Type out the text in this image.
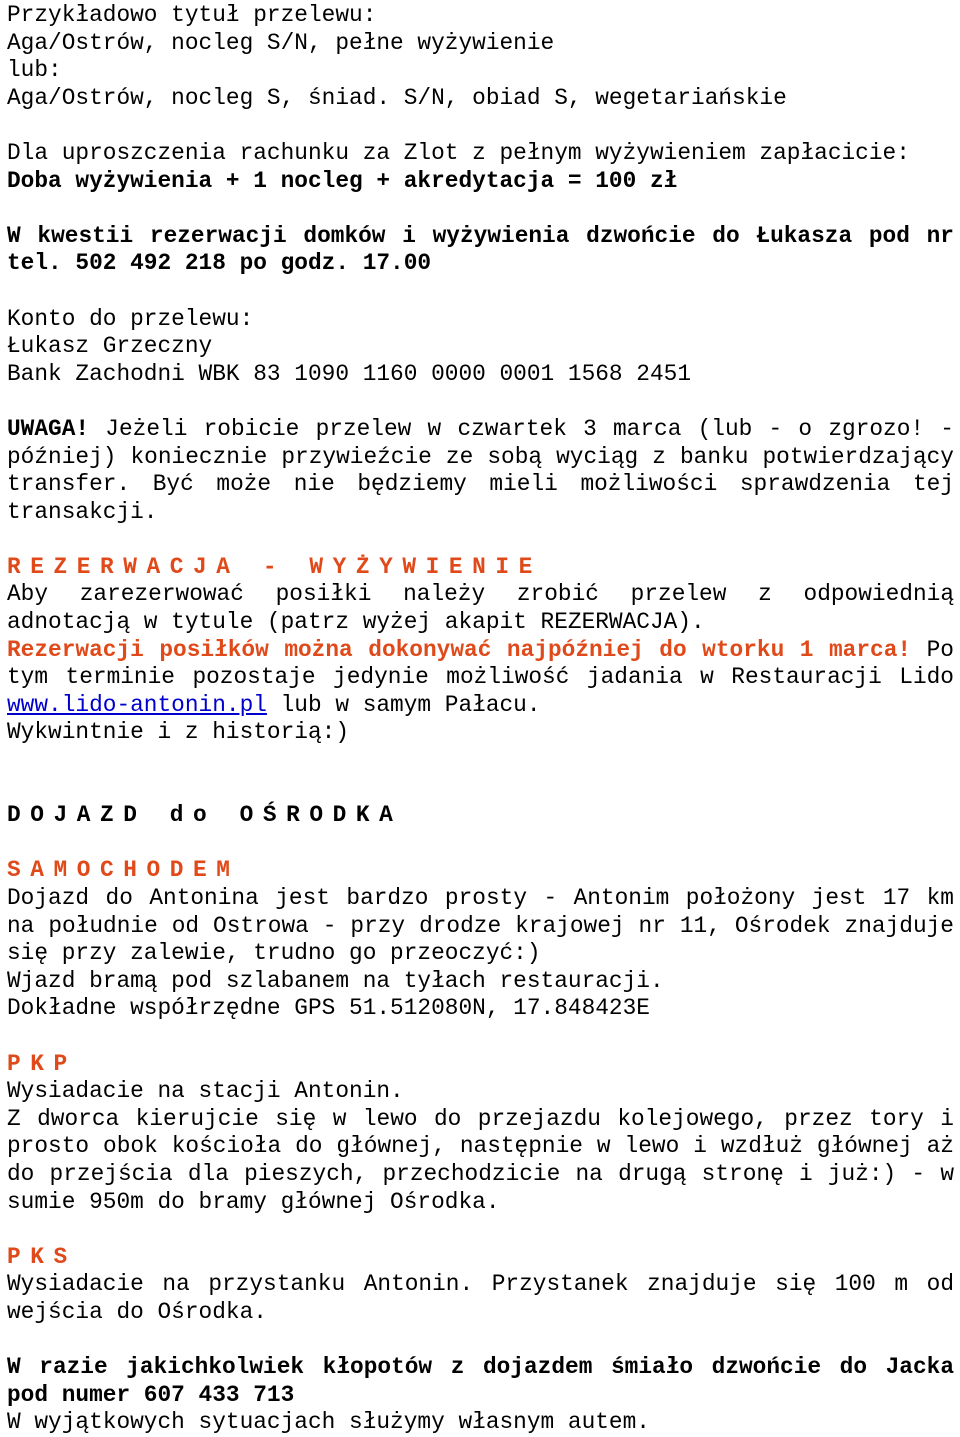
Przykładowo tytuł przelewu:

Aga/Ostrów, nocleg S/N, pełne wyżywienie

lub:

Aga/Ostrów, nocleg S, śniad. S/N, obiad S, wegetariańskie

Dla uproszczenia rachunku za Zlot z pełnym wyżywieniem zapłacicie:

Doba wyżywienia + 1 nocleg + akredytacja = 100 zł

W kwestii rezerwacji domków i wyżywienia dzwońcie do Łukasza pod nr tel. 502 492 218 po godz. 17.00

Konto do przelewu:

Łukasz Grzeczny

Bank Zachodni WBK 83 1090 1160 0000 0001 1568 2451

UWAGA! Jeżeli robicie przelew w czwartek 3 marca (lub - o zgrozo! - później) koniecznie przywieźcie ze sobą wyciąg z banku potwierdzający transfer. Być może nie będziemy mieli możliwości sprawdzenia tej transakcji.

REZERWACJA - WYŻYWIENIE

Aby zarezerwować posiłki należy zrobić przelew z odpowiednią adnotacją w tytule (patrz wyżej akapit REZERWACJA).

Rezerwacji posiłków można dokonywać najpóźniej do wtorku 1 marca! Po tym terminie pozostaje jedynie możliwość jadania w Restauracji Lido www.lido-antonin.pl lub w samym Pałacu.

Wykwintnie i z historią:)

DOJAZD do OŚRODKA

SAMOCHODEM

Dojazd do Antonina jest bardzo prosty - Antonim położony jest 17 km na południe od Ostrowa - przy drodze krajowej nr 11, Ośrodek znajduje się przy zalewie, trudno go przeoczyć:)

Wjazd bramą pod szlabanem na tyłach restauracji.

Dokładne współrzędne GPS 51.512080N, 17.848423E

PKP

Wysiadacie na stacji Antonin.

Z dworca kierujcie się w lewo do przejazdu kolejowego, przez tory i prosto obok kościoła do głównej, następnie w lewo i wzdłuż głównej aż do przejścia dla pieszych, przechodzicie na drugą stronę i już:) - w sumie 950m do bramy głównej Ośrodka.

PKS

Wysiadacie na przystanku Antonin. Przystanek znajduje się 100 m od wejścia do Ośrodka.

W razie jakichkolwiek kłopotów z dojazdem śmiało dzwońcie do Jacka pod numer 607 433 713

W wyjątkowych sytuacjach służymy własnym autem.
